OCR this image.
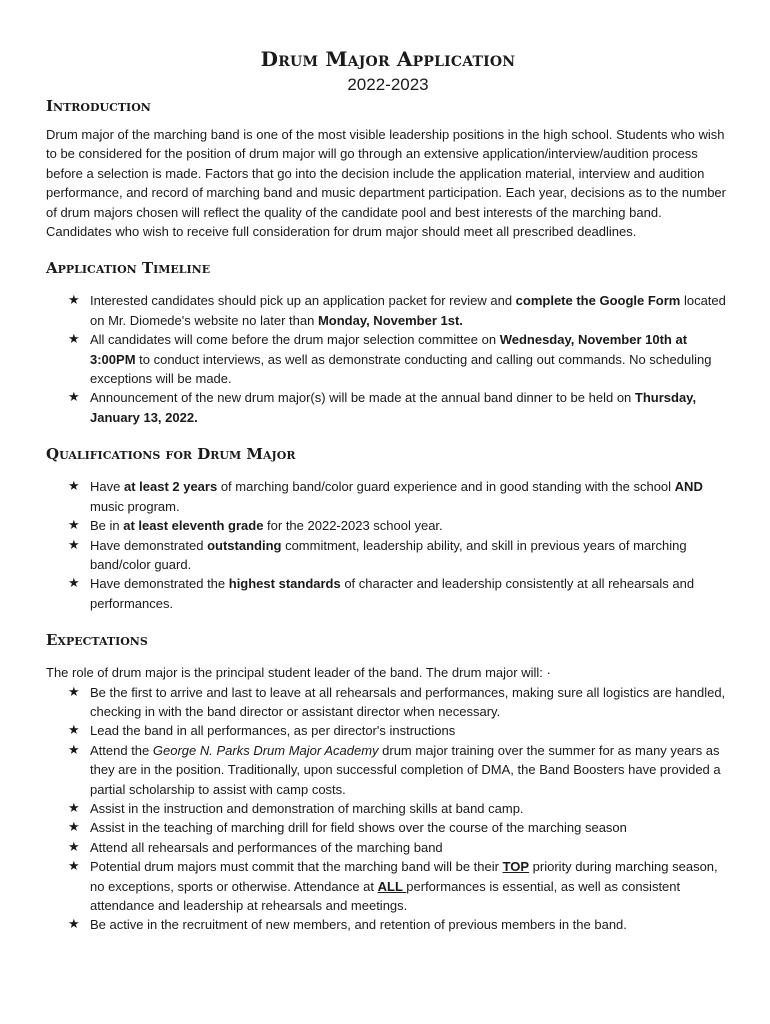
Drum Major Application
2022-2023
Introduction

Drum major of the marching band is one of the most visible leadership positions in the high school. Students who wish to be considered for the position of drum major will go through an extensive application/interview/audition process before a selection is made. Factors that go into the decision include the application material, interview and audition performance, and record of marching band and music department participation. Each year, decisions as to the number of drum majors chosen will reflect the quality of the candidate pool and best interests of the marching band. Candidates who wish to receive full consideration for drum major should meet all prescribed deadlines.

Application Timeline
★ Interested candidates should pick up an application packet for review and complete the Google Form located on Mr. Diomede's website no later than Monday, November 1st.
★ All candidates will come before the drum major selection committee on Wednesday, November 10th at 3:00PM to conduct interviews, as well as demonstrate conducting and calling out commands. No scheduling exceptions will be made.
★ Announcement of the new drum major(s) will be made at the annual band dinner to be held on Thursday, January 13, 2022.
Qualifications for Drum Major
★ Have at least 2 years of marching band/color guard experience and in good standing with the school AND music program.
★ Be in at least eleventh grade for the 2022-2023 school year.
★ Have demonstrated outstanding commitment, leadership ability, and skill in previous years of marching band/color guard.
★ Have demonstrated the highest standards of character and leadership consistently at all rehearsals and performances.
Expectations

The role of drum major is the principal student leader of the band. The drum major will: ·

★ Be the first to arrive and last to leave at all rehearsals and performances, making sure all logistics are handled, checking in with the band director or assistant director when necessary.
★ Lead the band in all performances, as per director's instructions
★ Attend the George N. Parks Drum Major Academy drum major training over the summer for as many years as they are in the position. Traditionally, upon successful completion of DMA, the Band Boosters have provided a partial scholarship to assist with camp costs.
★ Assist in the instruction and demonstration of marching skills at band camp.
★ Assist in the teaching of marching drill for field shows over the course of the marching season
★ Attend all rehearsals and performances of the marching band
★ Potential drum majors must commit that the marching band will be their TOP priority during marching season, no exceptions, sports or otherwise. Attendance at ALL performances is essential, as well as consistent attendance and leadership at rehearsals and meetings.
★ Be active in the recruitment of new members, and retention of previous members in the band.
